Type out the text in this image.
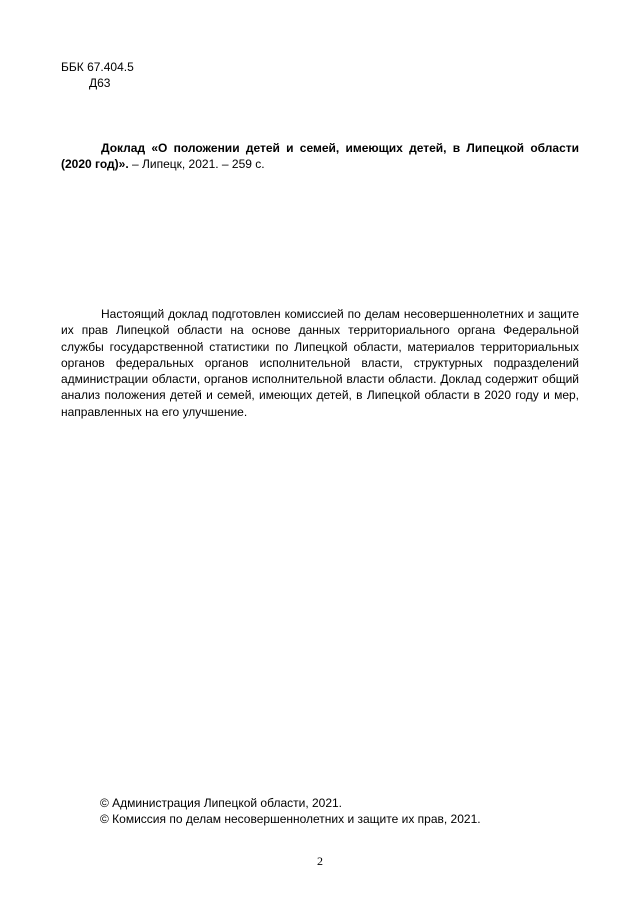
ББК 67.404.5
Д63
Доклад «О положении детей и семей, имеющих детей, в Липецкой области (2020 год)». – Липецк, 2021. – 259 с.
Настоящий доклад подготовлен комиссией по делам несовершеннолетних и защите их прав Липецкой области на основе данных территориального органа Федеральной службы государственной статистики по Липецкой области, материалов территориальных органов федеральных органов исполнительной власти, структурных подразделений администрации области, органов исполнительной власти области. Доклад содержит общий анализ положения детей и семей, имеющих детей, в Липецкой области в 2020 году и мер, направленных на его улучшение.
© Администрация Липецкой области, 2021.
© Комиссия по делам несовершеннолетних и защите их прав, 2021.
2
